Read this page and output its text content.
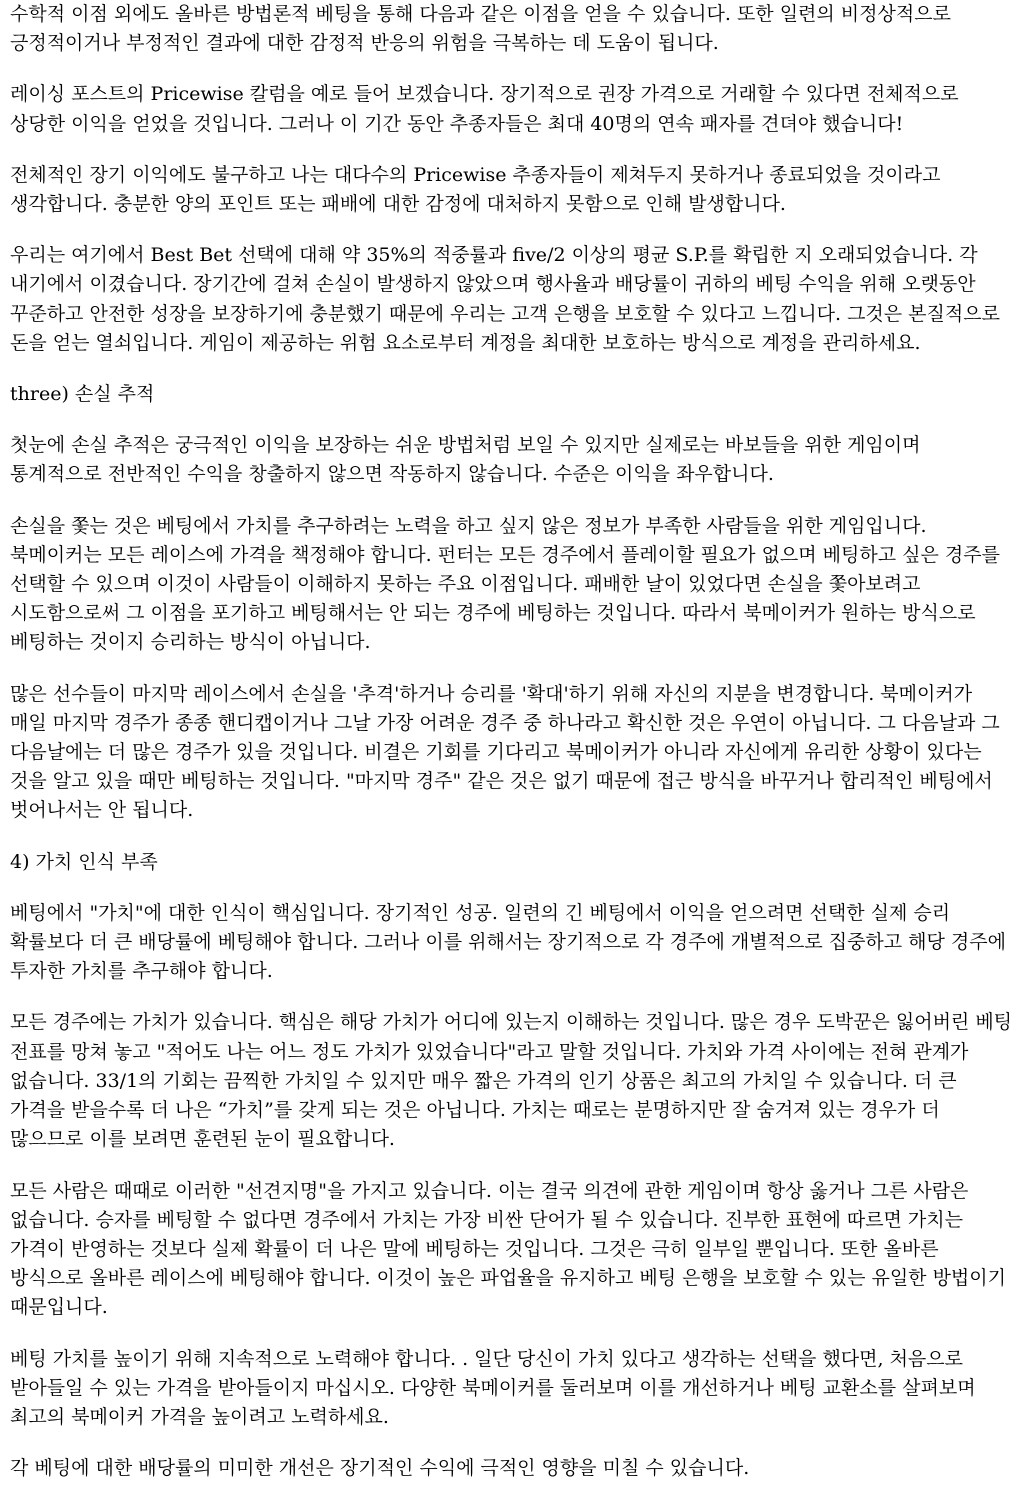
수학적 이점 외에도 올바른 방법론적 베팅을 통해 다음과 같은 이점을 얻을 수 있습니다. 또한 일련의 비정상적으로 긍정적이거나 부정적인 결과에 대한 감정적 반응의 위험을 극복하는 데 도움이 됩니다.

레이싱 포스트의 Pricewise 칼럼을 예로 들어 보겠습니다. 장기적으로 권장 가격으로 거래할 수 있다면 전체적으로 상당한 이익을 얻었을 것입니다. 그러나 이 기간 동안 추종자들은 최대 40명의 연속 패자를 견뎌야 했습니다!

전체적인 장기 이익에도 불구하고 나는 대다수의 Pricewise 추종자들이 제쳐두지 못하거나 종료되었을 것이라고 생각합니다. 충분한 양의 포인트 또는 패배에 대한 감정에 대처하지 못함으로 인해 발생합니다.

우리는 여기에서 Best Bet 선택에 대해 약 35%의 적중률과 five/2 이상의 평균 S.P.를 확립한 지 오래되었습니다. 각 내기에서 이겼습니다. 장기간에 걸쳐 손실이 발생하지 않았으며 행사율과 배당률이 귀하의 베팅 수익을 위해 오랫동안 꾸준하고 안전한 성장을 보장하기에 충분했기 때문에 우리는 고객 은행을 보호할 수 있다고 느낍니다. 그것은 본질적으로 돈을 얻는 열쇠입니다. 게임이 제공하는 위험 요소로부터 계정을 최대한 보호하는 방식으로 계정을 관리하세요.

three) 손실 추적

첫눈에 손실 추적은 궁극적인 이익을 보장하는 쉬운 방법처럼 보일 수 있지만 실제로는 바보들을 위한 게임이며 통계적으로 전반적인 수익을 창출하지 않으면 작동하지 않습니다. 수준은 이익을 좌우합니다.

손실을 쫓는 것은 베팅에서 가치를 추구하려는 노력을 하고 싶지 않은 정보가 부족한 사람들을 위한 게임입니다. 북메이커는 모든 레이스에 가격을 책정해야 합니다. 펀터는 모든 경주에서 플레이할 필요가 없으며 베팅하고 싶은 경주를 선택할 수 있으며 이것이 사람들이 이해하지 못하는 주요 이점입니다. 패배한 날이 있었다면 손실을 쫓아보려고 시도함으로써 그 이점을 포기하고 베팅해서는 안 되는 경주에 베팅하는 것입니다. 따라서 북메이커가 원하는 방식으로 베팅하는 것이지 승리하는 방식이 아닙니다.

많은 선수들이 마지막 레이스에서 손실을 '추격'하거나 승리를 '확대'하기 위해 자신의 지분을 변경합니다. 북메이커가 매일 마지막 경주가 종종 핸디캡이거나 그날 가장 어려운 경주 중 하나라고 확신한 것은 우연이 아닙니다. 그 다음날과 그 다음날에는 더 많은 경주가 있을 것입니다. 비결은 기회를 기다리고 북메이커가 아니라 자신에게 유리한 상황이 있다는 것을 알고 있을 때만 베팅하는 것입니다. "마지막 경주" 같은 것은 없기 때문에 접근 방식을 바꾸거나 합리적인 베팅에서 벗어나서는 안 됩니다.

4) 가치 인식 부족

베팅에서 "가치"에 대한 인식이 핵심입니다. 장기적인 성공. 일련의 긴 베팅에서 이익을 얻으려면 선택한 실제 승리 확률보다 더 큰 배당률에 베팅해야 합니다. 그러나 이를 위해서는 장기적으로 각 경주에 개별적으로 집중하고 해당 경주에 투자한 가치를 추구해야 합니다.

모든 경주에는 가치가 있습니다. 핵심은 해당 가치가 어디에 있는지 이해하는 것입니다. 많은 경우 도박꾼은 잃어버린 베팅 전표를 망쳐 놓고 "적어도 나는 어느 정도 가치가 있었습니다"라고 말할 것입니다. 가치와 가격 사이에는 전혀 관계가 없습니다. 33/1의 기회는 끔찍한 가치일 수 있지만 매우 짧은 가격의 인기 상품은 최고의 가치일 수 있습니다. 더 큰 가격을 받을수록 더 나은 “가치”를 갖게 되는 것은 아닙니다. 가치는 때로는 분명하지만 잘 숨겨져 있는 경우가 더 많으므로 이를 보려면 훈련된 눈이 필요합니다.

모든 사람은 때때로 이러한 "선견지명"을 가지고 있습니다. 이는 결국 의견에 관한 게임이며 항상 옳거나 그른 사람은 없습니다. 승자를 베팅할 수 없다면 경주에서 가치는 가장 비싼 단어가 될 수 있습니다. 진부한 표현에 따르면 가치는 가격이 반영하는 것보다 실제 확률이 더 나은 말에 베팅하는 것입니다. 그것은 극히 일부일 뿐입니다. 또한 올바른 방식으로 올바른 레이스에 베팅해야 합니다. 이것이 높은 파업율을 유지하고 베팅 은행을 보호할 수 있는 유일한 방법이기 때문입니다.

베팅 가치를 높이기 위해 지속적으로 노력해야 합니다. . 일단 당신이 가치 있다고 생각하는 선택을 했다면, 처음으로 받아들일 수 있는 가격을 받아들이지 마십시오. 다양한 북메이커를 둘러보며 이를 개선하거나 베팅 교환소를 살펴보며 최고의 북메이커 가격을 높이려고 노력하세요.

각 베팅에 대한 배당률의 미미한 개선은 장기적인 수익에 극적인 영향을 미칠 수 있습니다.
